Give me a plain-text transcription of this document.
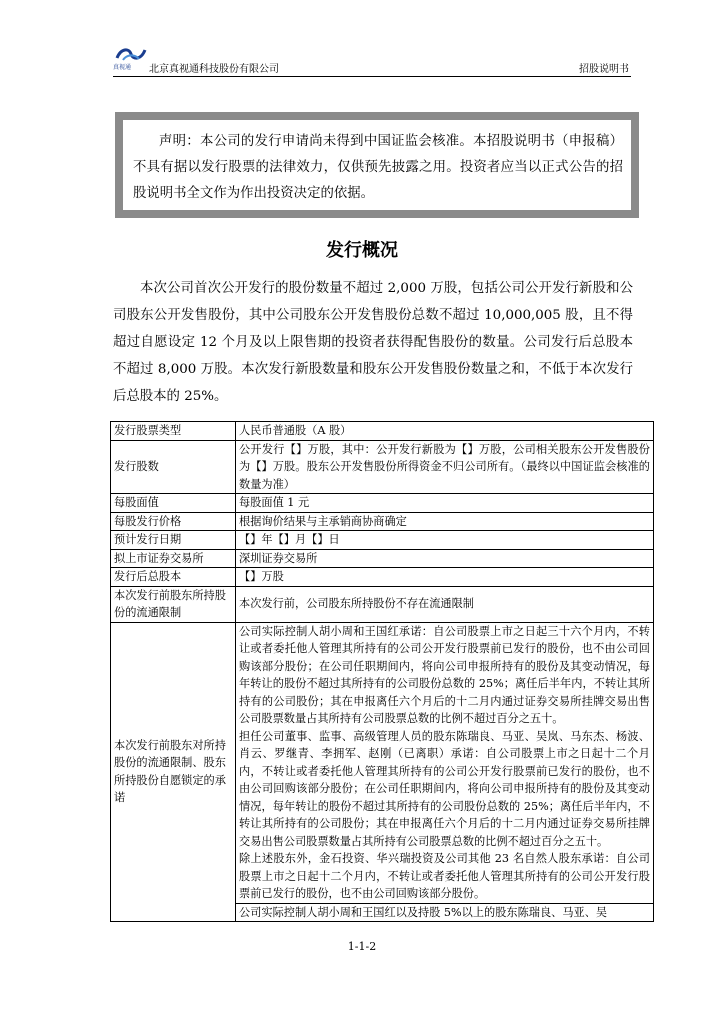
真视通 北京真视通科技股份有限公司	招股说明书
声明：本公司的发行申请尚未得到中国证监会核准。本招股说明书（申报稿）不具有据以发行股票的法律效力，仅供预先披露之用。投资者应当以正式公告的招股说明书全文作为作出投资决定的依据。
发行概况
本次公司首次公开发行的股份数量不超过 2,000 万股，包括公司公开发行新股和公司股东公开发售股份，其中公司股东公开发售股份总数不超过 10,000,005 股，且不得超过自愿设定 12 个月及以上限售期的投资者获得配售股份的数量。公司发行后总股本不超过 8,000 万股。本次发行新股数量和股东公开发售股份数量之和，不低于本次发行后总股本的 25%。
发行股票类型	人民币普通股（A 股）
发行股数	公开发行【】万股，其中：公开发行新股为【】万股，公司相关股东公开发售股份为【】万股。股东公开发售股份所得资金不归公司所有。（最终以中国证监会核准的数量为准）
每股面值	每股面值 1 元
每股发行价格	根据询价结果与主承销商协商确定
预计发行日期	【】年【】月【】日
拟上市证券交易所	深圳证券交易所
发行后总股本	【】万股
本次发行前股东所持股份的流通限制	本次发行前，公司股东所持股份不存在流通限制
本次发行前股东对所持股份的流通限制、股东所持股份自愿锁定的承诺	公司实际控制人胡小周和王国红承诺：自公司股票上市之日起三十六个月内，不转让或者委托他人管理其所持有的公司公开发行股票前已发行的股份，也不由公司回购该部分股份；在公司任职期间内，将向公司申报所持有的股份及其变动情况，每年转让的股份不超过其所持有的公司股份总数的 25%；离任后半年内，不转让其所持有的公司股份；其在申报离任六个月后的十二月内通过证券交易所挂牌交易出售公司股票数量占其所持有公司股票总数的比例不超过百分之五十。
担任公司董事、监事、高级管理人员的股东陈瑞良、马亚、吴岚、马东杰、杨波、肖云、罗继青、李拥军、赵刚（已离职）承诺：自公司股票上市之日起十二个月内，不转让或者委托他人管理其所持有的公司公开发行股票前已发行的股份，也不由公司回购该部分股份；在公司任职期间内，将向公司申报所持有的股份及其变动情况，每年转让的股份不超过其所持有的公司股份总数的 25%；离任后半年内，不转让其所持有的公司股份；其在申报离任六个月后的十二月内通过证券交易所挂牌交易出售公司股票数量占其所持有公司股票总数的比例不超过百分之五十。
除上述股东外，金石投资、华兴瑞投资及公司其他 23 名自然人股东承诺：自公司股票上市之日起十二个月内，不转让或者委托他人管理其所持有的公司公开发行股票前已发行的股份，也不由公司回购该部分股份。
公司实际控制人胡小周和王国红以及持股 5%以上的股东陈瑞良、马亚、吴
1-1-2
